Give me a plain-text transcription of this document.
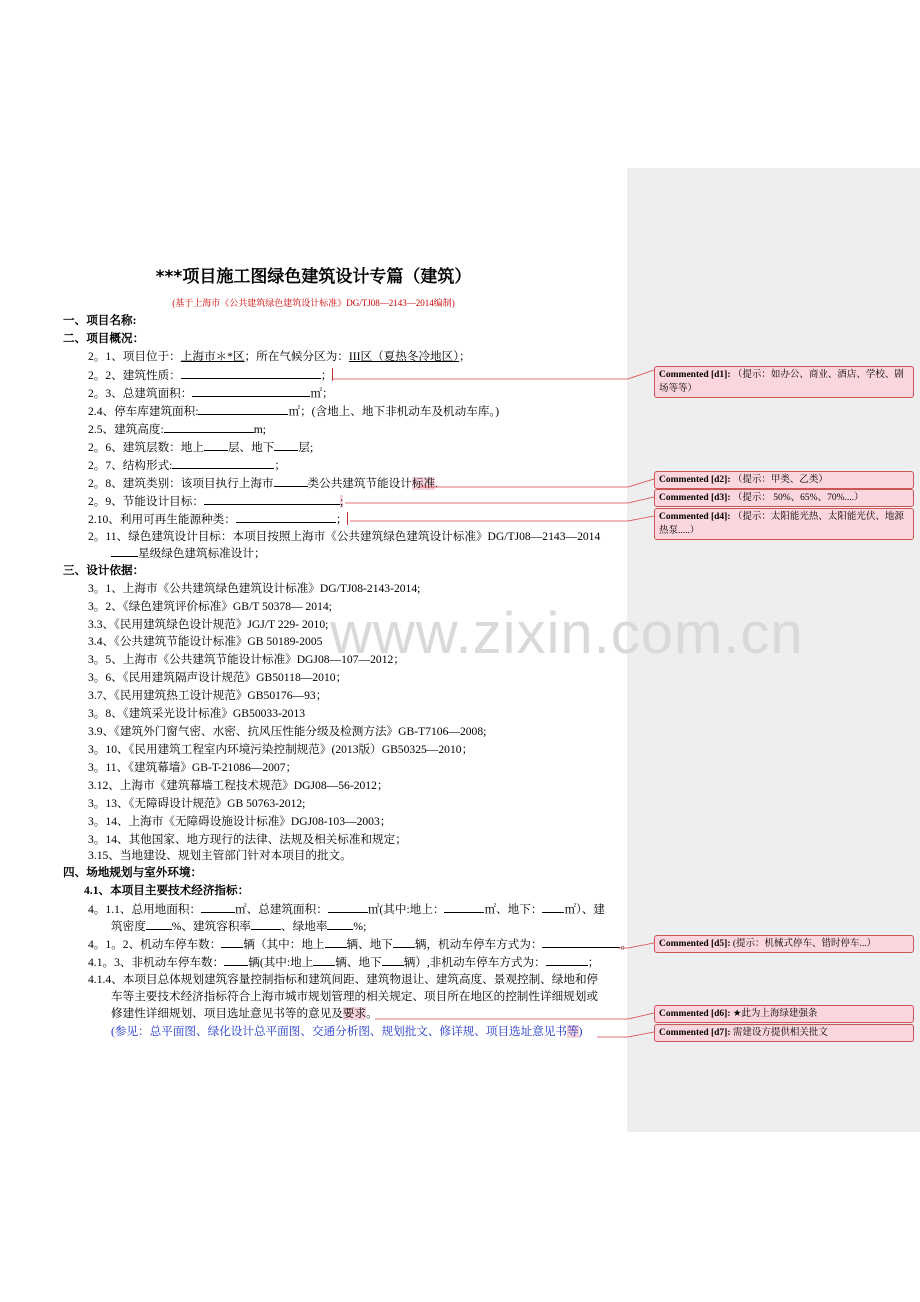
www.zixin.com.cn
***项目施工图绿色建筑设计专篇（建筑）
(基于上海市《公共建筑绿色建筑设计标准》DG/TJ08—2143—2014编制)
一、项目名称:
二、项目概况：
2。1、项目位于：上海市＊*区；所在气候分区为：III区（夏热冬冷地区）；
2。2、建筑性质：	；
2。3、总建筑面积：	㎡；
2.4、停车库建筑面积:	㎡；(含地上、地下非机动车及机动车库。)
2.5、建筑高度:	m;
2。6、建筑层数：地上 层、地下 层;
2。7、结构形式:	；
2。8、建筑类别：该项目执行上海市	类公共建筑节能设计标准.
2。9、节能设计目标：	;
2.10、利用可再生能源种类：	；
2。11、绿色建筑设计目标：本项目按照上海市《公共建筑绿色建筑设计标准》DG/TJ08—2143—2014
星级绿色建筑标准设计；
三、设计依据：
3。1、上海市《公共建筑绿色建筑设计标准》DG/TJ08-2143-2014;
3。2、《绿色建筑评价标准》GB/T 50378— 2014;
3.3、《民用建筑绿色设计规范》JGJ/T 229- 2010;
3.4、《公共建筑节能设计标准》GB 50189-2005
3。5、上海市《公共建筑节能设计标准》DGJ08—107—2012；
3。6、《民用建筑隔声设计规范》GB50118—2010；
3.7、《民用建筑热工设计规范》GB50176—93；
3。8、《建筑采光设计标准》GB50033-2013
3.9、《建筑外门窗气密、水密、抗风压性能分级及检测方法》GB-T7106—2008;
3。10、《民用建筑工程室内环境污染控制规范》(2013版）GB50325—2010；
3。11、《建筑幕墙》GB-T-21086—2007；
3.12、上海市《建筑幕墙工程技术规范》DGJ08—56-2012；
3。13、《无障碍设计规范》GB 50763-2012;
3。14、上海市《无障碍设施设计标准》DGJ08-103—2003；
3。14、其他国家、地方现行的法律、法规及相关标准和规定；
3.15、当地建设、规划主管部门针对本项目的批文。
四、场地规划与室外环境：
4.1、本项目主要技术经济指标：
4。1.1、总用地面积：	㎡、总建筑面积：	㎡(其中:地上：	㎡、地下： ㎡）、建
筑密度 %、建筑容积率	、绿地率 %;
4。1。2、机动车停车数： 辆（其中：地上 辆、地下 辆，机动车停车方式为：	。
4.1。3、非机动车停车数： 辆(其中:地上 辆、地下 辆）,非机动车停车方式为：	；
4.1.4、本项目总体规划建筑容量控制指标和建筑间距、建筑物退让、建筑高度、景观控制、绿地和停
车等主要技术经济指标符合上海市城市规划管理的相关规定、项目所在地区的控制性详细规划或
修建性详细规划、项目选址意见书等的意见及要求。
(参见：总平面图、绿化设计总平面图、交通分析图、规划批文、修详规、项目选址意见书等)
Commented [d1]: （提示：如办公、商业、酒店、学校、剧场等等）
Commented [d2]: （提示：甲类、乙类）
Commented [d3]: （提示： 50%、65%、70%....）
Commented [d4]: （提示：太阳能光热、太阳能光伏、地源热泵.....）
Commented [d5]: (提示：机械式停车、错时停车...）
Commented [d6]: ★此为上海绿建强条
Commented [d7]: 需建设方提供相关批文
